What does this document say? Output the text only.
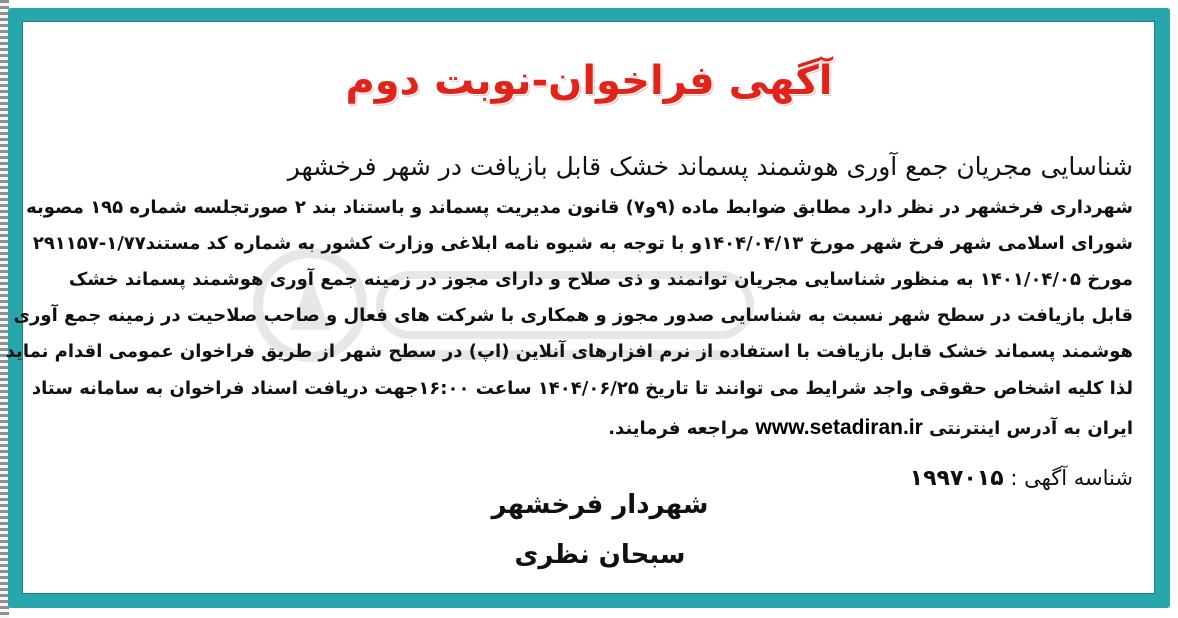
آگهی فراخوان-نوبت دوم
شناسایی مجریان جمع آوری هوشمند پسماند خشک قابل بازیافت در شهر فرخشهر
شهرداری فرخشهر در نظر دارد مطابق ضوابط ماده (۹و۷) قانون مدیریت پسماند و باستناد بند ۲ صورتجلسه شماره ۱۹۵ مصوبه
شورای اسلامی شهر فرخ شهر مورخ ۱۴۰۴/۰۴/۱۳و با توجه به شیوه نامه ابلاغی وزارت کشور به شماره کد مستند۱/۷۷-۲۹۱۱۵۷
مورخ ۱۴۰۱/۰۴/۰۵ به منظور شناسایی مجریان توانمند و ذی صلاح و دارای مجوز در زمینه جمع آوری هوشمند پسماند خشک
قابل بازیافت در سطح شهر نسبت به شناسایی صدور مجوز و همکاری با شرکت های فعال و صاحب صلاحیت در زمینه جمع آوری
هوشمند پسماند خشک قابل بازیافت با استفاده از نرم افزارهای آنلاین (اپ) در سطح شهر از طریق فراخوان عمومی اقدام نماید
لذا کلیه اشخاص حقوقی واجد شرایط می توانند تا تاریخ ۱۴۰۴/۰۶/۲۵ ساعت ۱۶:۰۰جهت دریافت اسناد فراخوان به سامانه ستاد
ایران به آدرس اینترنتی www.setadiran.ir مراجعه فرمایند.
شناسه آگهی : ۱۹۹۷۰۱۵
شهردار فرخشهر
سبحان نظری
